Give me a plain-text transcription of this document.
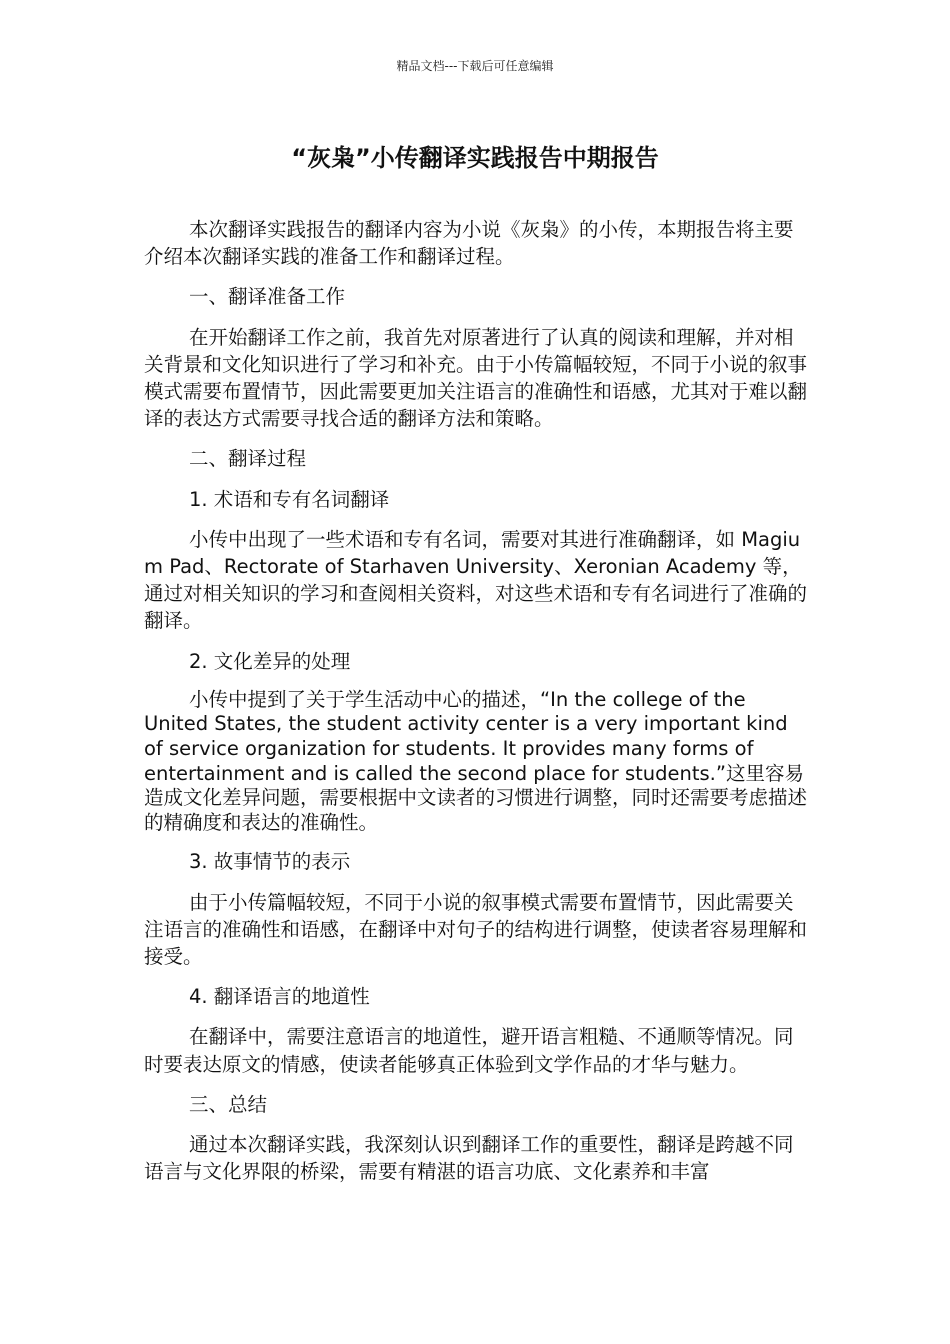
精品文档---下载后可任意编辑
“灰枭”小传翻译实践报告中期报告

本次翻译实践报告的翻译内容为小说《灰枭》的小传，本期报告将主要介绍本次翻译实践的准备工作和翻译过程。

一、翻译准备工作

在开始翻译工作之前，我首先对原著进行了认真的阅读和理解，并对相关背景和文化知识进行了学习和补充。由于小传篇幅较短，不同于小说的叙事模式需要布置情节，因此需要更加关注语言的准确性和语感，尤其对于难以翻译的表达方式需要寻找合适的翻译方法和策略。

二、翻译过程

1. 术语和专有名词翻译

小传中出现了一些术语和专有名词，需要对其进行准确翻译，如 Magium Pad、Rectorate of Starhaven University、Xeronian Academy 等，通过对相关知识的学习和查阅相关资料，对这些术语和专有名词进行了准确的翻译。

2. 文化差异的处理

小传中提到了关于学生活动中心的描述，“In the college of the United States, the student activity center is a very important kind of service organization for students. It provides many forms of entertainment and is called the second place for students.”这里容易造成文化差异问题，需要根据中文读者的习惯进行调整，同时还需要考虑描述的精确度和表达的准确性。

3. 故事情节的表示

由于小传篇幅较短，不同于小说的叙事模式需要布置情节，因此需要关注语言的准确性和语感，在翻译中对句子的结构进行调整，使读者容易理解和接受。

4. 翻译语言的地道性

在翻译中，需要注意语言的地道性，避开语言粗糙、不通顺等情况。同时要表达原文的情感，使读者能够真正体验到文学作品的才华与魅力。

三、总结

通过本次翻译实践，我深刻认识到翻译工作的重要性，翻译是跨越不同语言与文化界限的桥梁，需要有精湛的语言功底、文化素养和丰富
